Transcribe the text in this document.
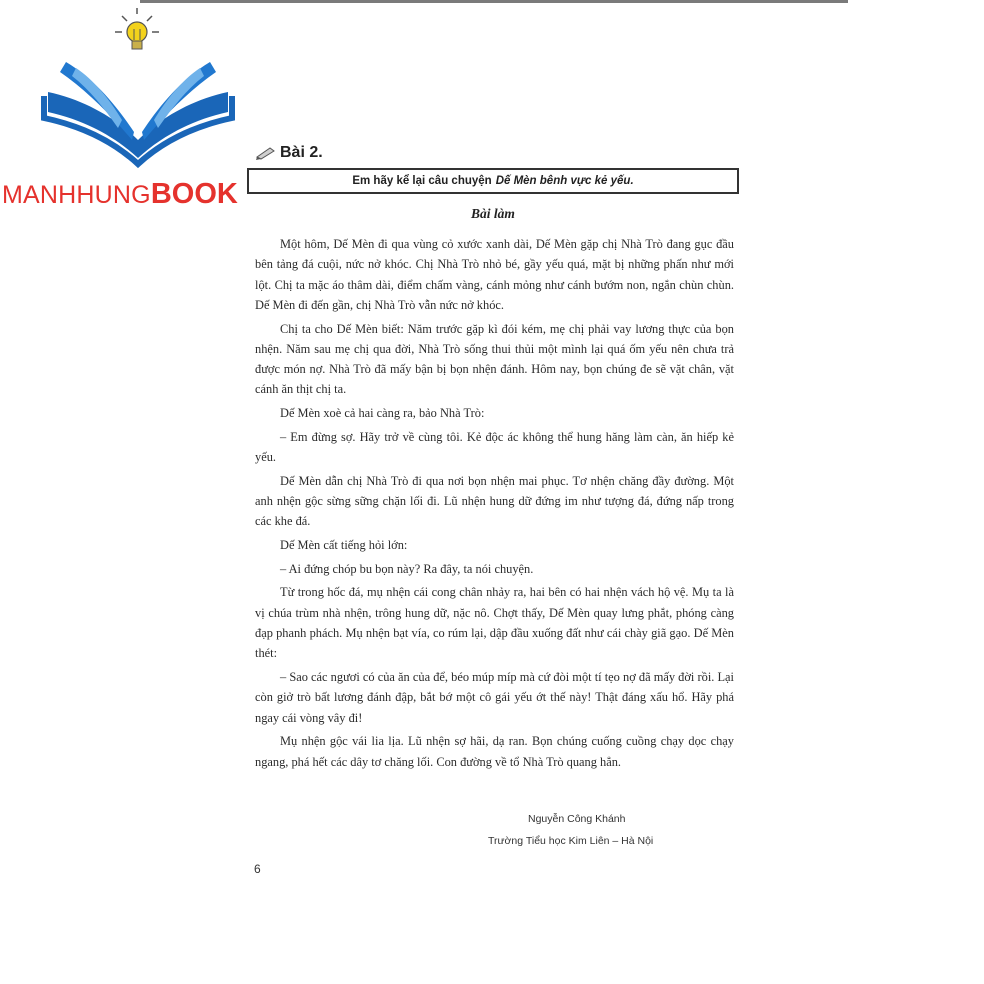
MANHHUNGBOOK
Bài 2.
Em hãy kể lại câu chuyện Dế Mèn bênh vực kẻ yếu.
Bài làm

Một hôm, Dế Mèn đi qua vùng cỏ xước xanh dài, Dế Mèn gặp chị Nhà Trò đang gục đầu bên tảng đá cuội, nức nở khóc. Chị Nhà Trò nhỏ bé, gầy yếu quá, mặt bị những phấn như mới lột. Chị ta mặc áo thâm dài, điểm chấm vàng, cánh mỏng như cánh bướm non, ngắn chùn chùn. Dế Mèn đi đến gần, chị Nhà Trò vẫn nức nở khóc.

Chị ta cho Dế Mèn biết: Năm trước gặp kì đói kém, mẹ chị phải vay lương thực của bọn nhện. Năm sau mẹ chị qua đời, Nhà Trò sống thui thủi một mình lại quá ốm yếu nên chưa trả được món nợ. Nhà Trò đã mấy bận bị bọn nhện đánh. Hôm nay, bọn chúng đe sẽ vặt chân, vặt cánh ăn thịt chị ta.

Dế Mèn xoè cả hai càng ra, bảo Nhà Trò:

– Em đừng sợ. Hãy trở về cùng tôi. Kẻ độc ác không thể hung hăng làm càn, ăn hiếp kẻ yếu.

Dế Mèn dẫn chị Nhà Trò đi qua nơi bọn nhện mai phục. Tơ nhện chăng đầy đường. Một anh nhện gộc sừng sững chặn lối đi. Lũ nhện hung dữ đứng im như tượng đá, đứng nấp trong các khe đá.

Dế Mèn cất tiếng hỏi lớn:

– Ai đứng chóp bu bọn này? Ra đây, ta nói chuyện.

Từ trong hốc đá, mụ nhện cái cong chân nhảy ra, hai bên có hai nhện vách hộ vệ. Mụ ta là vị chúa trùm nhà nhện, trông hung dữ, nặc nô. Chợt thấy, Dế Mèn quay lưng phắt, phóng càng đạp phanh phách. Mụ nhện bạt vía, co rúm lại, dập đầu xuống đất như cái chày giã gạo. Dế Mèn thét:

– Sao các ngươi có của ăn của để, béo múp míp mà cứ đòi một tí tẹo nợ đã mấy đời rồi. Lại còn giở trò bất lương đánh đập, bắt bớ một cô gái yếu ớt thế này! Thật đáng xấu hổ. Hãy phá ngay cái vòng vây đi!

Mụ nhện gộc vái lia lịa. Lũ nhện sợ hãi, dạ ran. Bọn chúng cuống cuồng chạy dọc chạy ngang, phá hết các dây tơ chăng lối. Con đường về tổ Nhà Trò quang hẳn.

Nguyễn Công Khánh
Trường Tiểu học Kim Liên – Hà Nội
6
